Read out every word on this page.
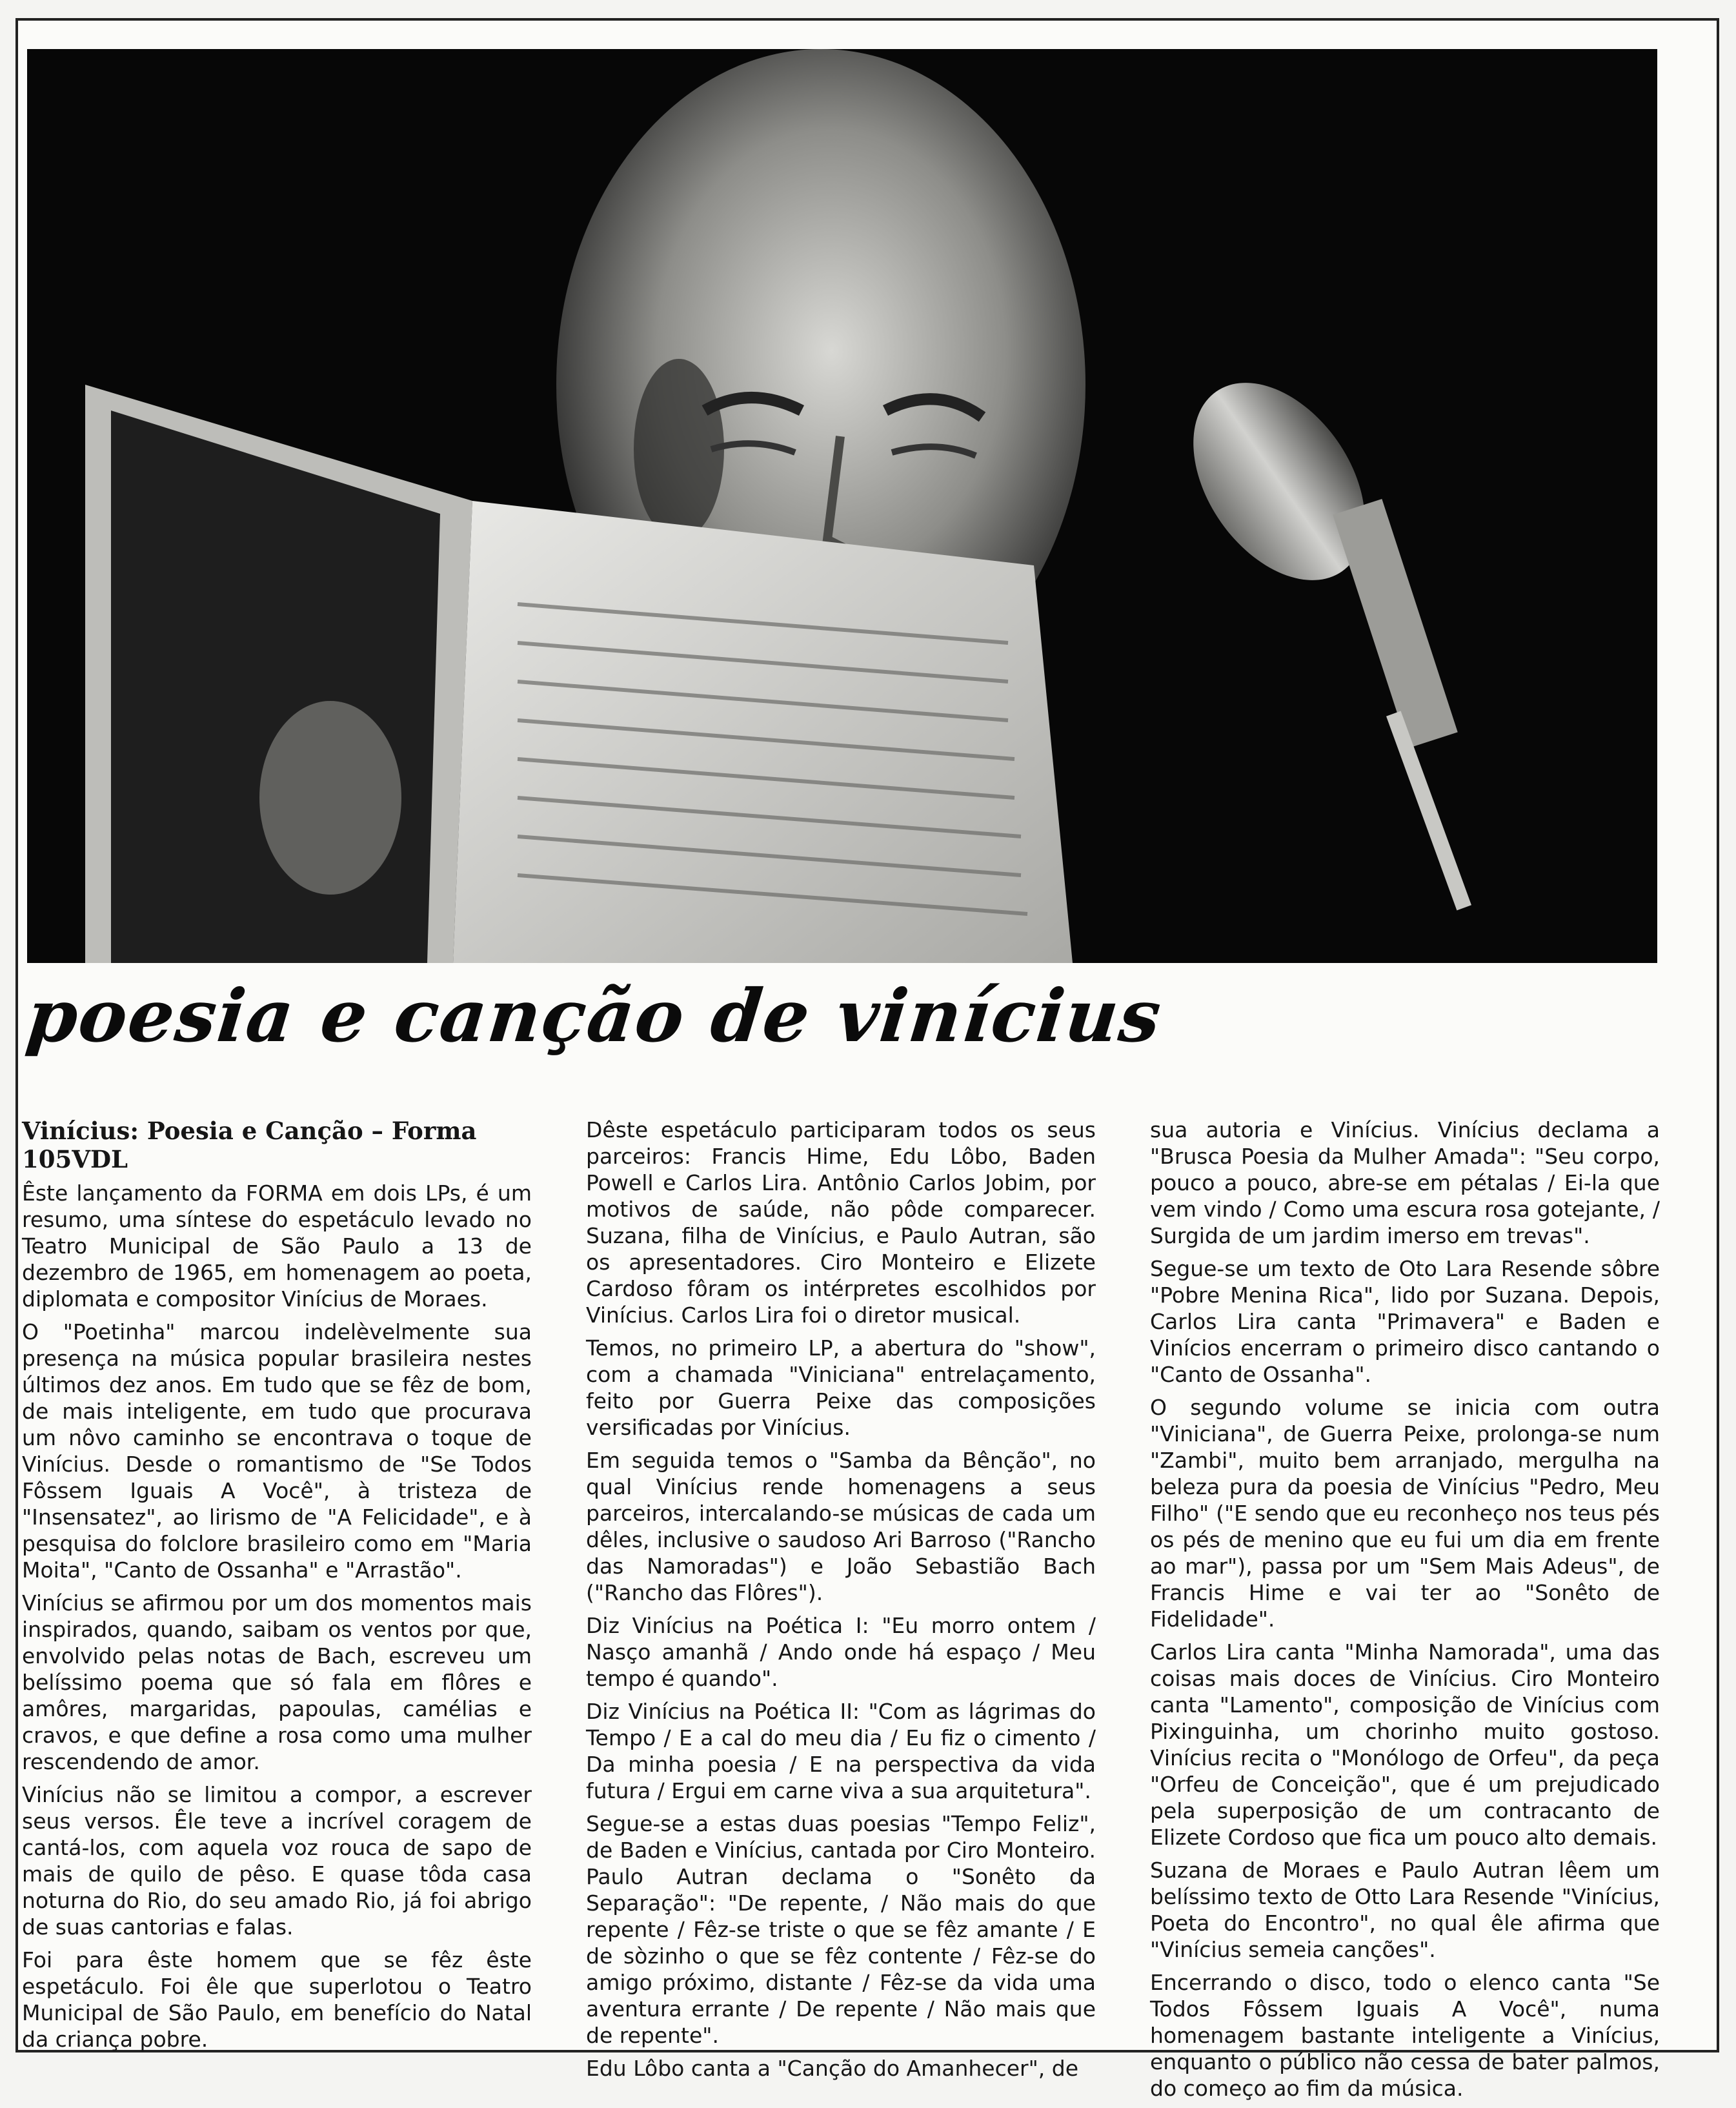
poesia e canção de vinícius

Vinícius: Poesia e Canção – Forma 105VDL

Êste lançamento da FORMA em dois LPs, é um resumo, uma síntese do espetáculo levado no Teatro Municipal de São Paulo a 13 de dezembro de 1965, em homenagem ao poeta, diplomata e compositor Vinícius de Moraes.

O "Poetinha" marcou indelèvelmente sua presença na música popular brasileira nestes últimos dez anos. Em tudo que se fêz de bom, de mais inteligente, em tudo que procurava um nôvo caminho se encontrava o toque de Vinícius. Desde o romantismo de "Se Todos Fôssem Iguais A Você", à tristeza de "Insensatez", ao lirismo de "A Felicidade", e à pesquisa do folclore brasileiro como em "Maria Moita", "Canto de Ossanha" e "Arrastão".

Vinícius se afirmou por um dos momentos mais inspirados, quando, saibam os ventos por que, envolvido pelas notas de Bach, escreveu um belíssimo poema que só fala em flôres e amôres, margaridas, papoulas, camélias e cravos, e que define a rosa como uma mulher rescendendo de amor.

Vinícius não se limitou a compor, a escrever seus versos. Êle teve a incrível coragem de cantá-los, com aquela voz rouca de sapo de mais de quilo de pêso. E quase tôda casa noturna do Rio, do seu amado Rio, já foi abrigo de suas cantorias e falas.

Foi para êste homem que se fêz êste espetáculo. Foi êle que superlotou o Teatro Municipal de São Paulo, em benefício do Natal da criança pobre.

Dêste espetáculo participaram todos os seus parceiros: Francis Hime, Edu Lôbo, Baden Powell e Carlos Lira. Antônio Carlos Jobim, por motivos de saúde, não pôde comparecer. Suzana, filha de Vinícius, e Paulo Autran, são os apresentadores. Ciro Monteiro e Elizete Cardoso fôram os intérpretes escolhidos por Vinícius. Carlos Lira foi o diretor musical.

Temos, no primeiro LP, a abertura do "show", com a chamada "Viniciana" entrelaçamento, feito por Guerra Peixe das composições versificadas por Vinícius.

Em seguida temos o "Samba da Bênção", no qual Vinícius rende homenagens a seus parceiros, intercalando-se músicas de cada um dêles, inclusive o saudoso Ari Barroso ("Rancho das Namoradas") e João Sebastião Bach ("Rancho das Flôres").

Diz Vinícius na Poética I: "Eu morro ontem / Nasço amanhã / Ando onde há espaço / Meu tempo é quando".

Diz Vinícius na Poética II: "Com as lágrimas do Tempo / E a cal do meu dia / Eu fiz o cimento / Da minha poesia / E na perspectiva da vida futura / Ergui em carne viva a sua arquitetura".

Segue-se a estas duas poesias "Tempo Feliz", de Baden e Vinícius, cantada por Ciro Monteiro. Paulo Autran declama o "Sonêto da Separação": "De repente, / Não mais do que repente / Fêz-se triste o que se fêz amante / E de sòzinho o que se fêz contente / Fêz-se do amigo próximo, distante / Fêz-se da vida uma aventura errante / De repente / Não mais que de repente".

Edu Lôbo canta a "Canção do Amanhecer", de

sua autoria e Vinícius. Vinícius declama a "Brusca Poesia da Mulher Amada": "Seu corpo, pouco a pouco, abre-se em pétalas / Ei-la que vem vindo / Como uma escura rosa gotejante, / Surgida de um jardim imerso em trevas".

Segue-se um texto de Oto Lara Resende sôbre "Pobre Menina Rica", lido por Suzana. Depois, Carlos Lira canta "Primavera" e Baden e Vinícios encerram o primeiro disco cantando o "Canto de Ossanha".

O segundo volume se inicia com outra "Viniciana", de Guerra Peixe, prolonga-se num "Zambi", muito bem arranjado, mergulha na beleza pura da poesia de Vinícius "Pedro, Meu Filho" ("E sendo que eu reconheço nos teus pés os pés de menino que eu fui um dia em frente ao mar"), passa por um "Sem Mais Adeus", de Francis Hime e vai ter ao "Sonêto de Fidelidade".

Carlos Lira canta "Minha Namorada", uma das coisas mais doces de Vinícius. Ciro Monteiro canta "Lamento", composição de Vinícius com Pixinguinha, um chorinho muito gostoso. Vinícius recita o "Monólogo de Orfeu", da peça "Orfeu de Conceição", que é um prejudicado pela superposição de um contracanto de Elizete Cordoso que fica um pouco alto demais.

Suzana de Moraes e Paulo Autran lêem um belíssimo texto de Otto Lara Resende "Vinícius, Poeta do Encontro", no qual êle afirma que "Vinícius semeia canções".

Encerrando o disco, todo o elenco canta "Se Todos Fôssem Iguais A Você", numa homenagem bastante inteligente a Vinícius, enquanto o público não cessa de bater palmos, do começo ao fim da música.
